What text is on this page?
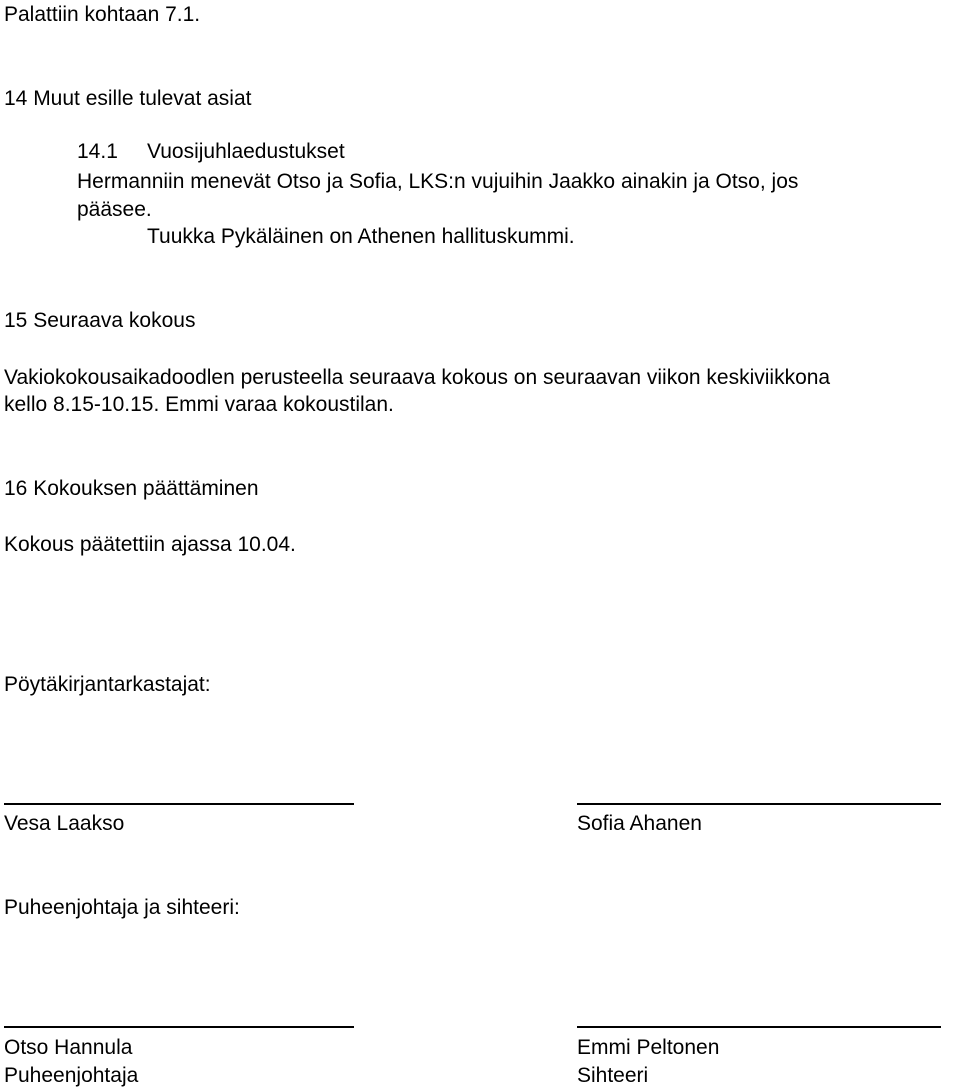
Palattiin kohtaan 7.1.
14 Muut esille tulevat asiat
14.1 Vuosijuhlaedustukset
Hermanniin menevät Otso ja Sofia, LKS:n vujuihin Jaakko ainakin ja Otso, jos
pääsee.
Tuukka Pykäläinen on Athenen hallituskummi.
15 Seuraava kokous
Vakiokokousaikadoodlen perusteella seuraava kokous on seuraavan viikon keskiviikkona
kello 8.15-10.15. Emmi varaa kokoustilan.
16 Kokouksen päättäminen
Kokous päätettiin ajassa 10.04.
Pöytäkirjantarkastajat:
Vesa Laakso	Sofia Ahanen
Puheenjohtaja ja sihteeri:
Otso Hannula
Puheenjohtaja
Emmi Peltonen
Sihteeri
